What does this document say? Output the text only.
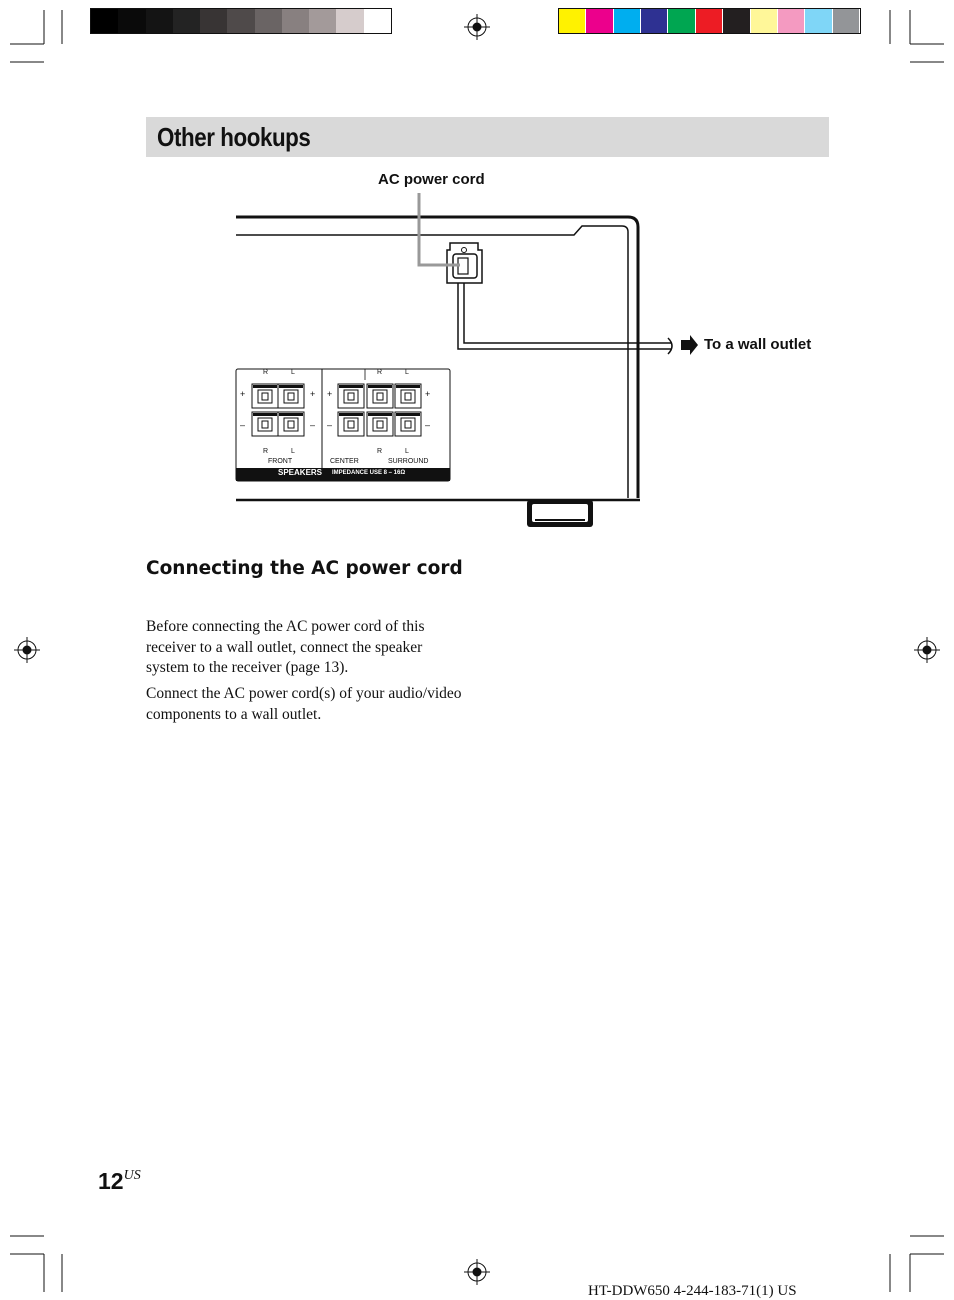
Other hookups
AC power cord
To a wall outlet
R	L	R	L
R	L	R	L
+	+ +	+
–	– –	–
FRONT	CENTER	SURROUND
SPEAKERS IMPEDANCE USE 8 – 16Ω
Connecting the AC power cord
Before connecting the AC power cord of this receiver to a wall outlet, connect the speaker system to the receiver (page 13).
Connect the AC power cord(s) of your audio/video components to a wall outlet.
$12^{US}$
HT-DDW650 4-244-183-71(1) US
